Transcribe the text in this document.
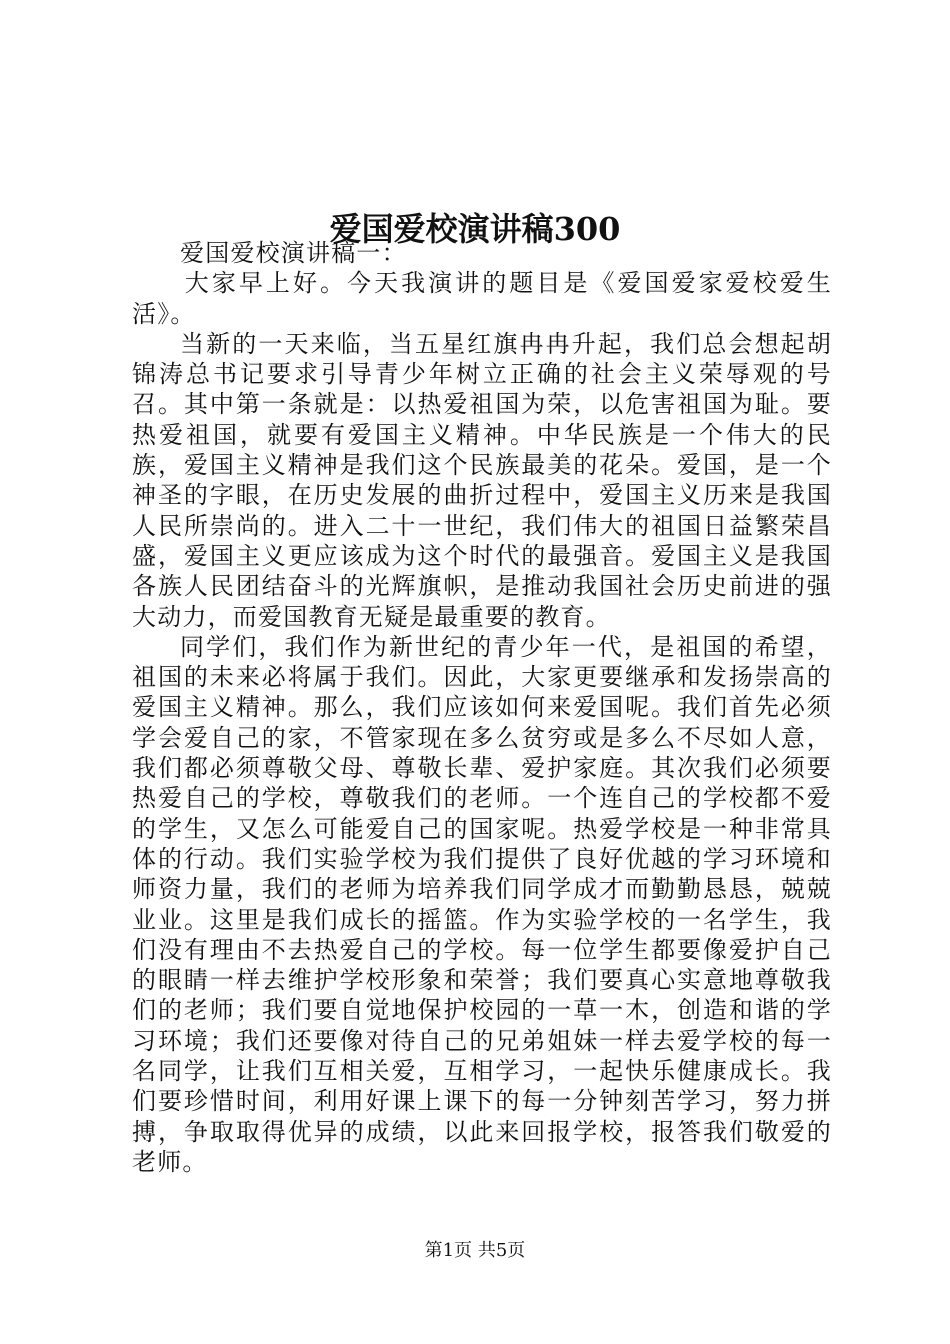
爱国爱校演讲稿300

爱国爱校演讲稿一：

大家早上好。今天我演讲的题目是《爱国爱家爱校爱生活》。

当新的一天来临，当五星红旗冉冉升起，我们总会想起胡锦涛总书记要求引导青少年树立正确的社会主义荣辱观的号召。其中第一条就是：以热爱祖国为荣，以危害祖国为耻。要热爱祖国，就要有爱国主义精神。中华民族是一个伟大的民族，爱国主义精神是我们这个民族最美的花朵。爱国，是一个神圣的字眼，在历史发展的曲折过程中，爱国主义历来是我国人民所崇尚的。进入二十一世纪，我们伟大的祖国日益繁荣昌盛，爱国主义更应该成为这个时代的最强音。爱国主义是我国各族人民团结奋斗的光辉旗帜，是推动我国社会历史前进的强大动力，而爱国教育无疑是最重要的教育。

同学们，我们作为新世纪的青少年一代，是祖国的希望，祖国的未来必将属于我们。因此，大家更要继承和发扬崇高的爱国主义精神。那么，我们应该如何来爱国呢。我们首先必须学会爱自己的家，不管家现在多么贫穷或是多么不尽如人意，我们都必须尊敬父母、尊敬长辈、爱护家庭。其次我们必须要热爱自己的学校，尊敬我们的老师。一个连自己的学校都不爱的学生，又怎么可能爱自己的国家呢。热爱学校是一种非常具体的行动。我们实验学校为我们提供了良好优越的学习环境和师资力量，我们的老师为培养我们同学成才而勤勤恳恳，兢兢业业。这里是我们成长的摇篮。作为实验学校的一名学生，我们没有理由不去热爱自己的学校。每一位学生都要像爱护自己的眼睛一样去维护学校形象和荣誉；我们要真心实意地尊敬我们的老师；我们要自觉地保护校园的一草一木，创造和谐的学习环境；我们还要像对待自己的兄弟姐妹一样去爱学校的每一名同学，让我们互相关爱，互相学习，一起快乐健康成长。我们要珍惜时间，利用好课上课下的每一分钟刻苦学习，努力拼搏，争取取得优异的成绩，以此来回报学校，报答我们敬爱的老师。

第1页 共5页
